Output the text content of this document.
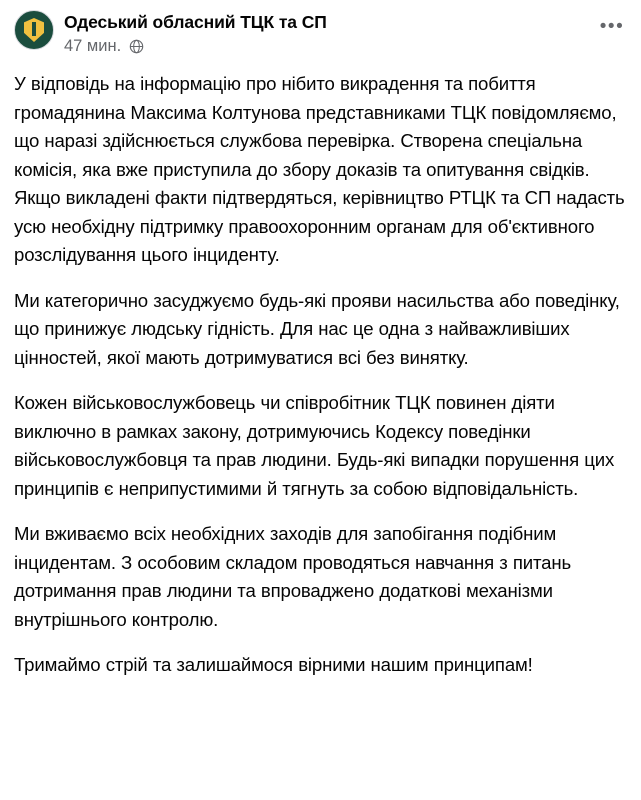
Одеський обласний ТЦК та СП
47 мин.
•••

У відповідь на інформацію про нібито викрадення та побиття громадянина Максима Колтунова представниками ТЦК повідомляємо, що наразі здійснюється службова перевірка. Створена спеціальна комісія, яка вже приступила до збору доказів та опитування свідків. Якщо викладені факти підтвердяться, керівництво РТЦК та СП надасть усю необхідну підтримку правоохоронним органам для об'єктивного розслідування цього інциденту.

Ми категорично засуджуємо будь-які прояви насильства або поведінку, що принижує людську гідність. Для нас це одна з найважливіших цінностей, якої мають дотримуватися всі без винятку.

Кожен військовослужбовець чи співробітник ТЦК повинен діяти виключно в рамках закону, дотримуючись Кодексу поведінки військовослужбовця та прав людини. Будь-які випадки порушення цих принципів є неприпустимими й тягнуть за собою відповідальність.

Ми вживаємо всіх необхідних заходів для запобігання подібним інцидентам. З особовим складом проводяться навчання з питань дотримання прав людини та впроваджено додаткові механізми внутрішнього контролю.

Тримаймо стрій та залишаймося вірними нашим принципам!
